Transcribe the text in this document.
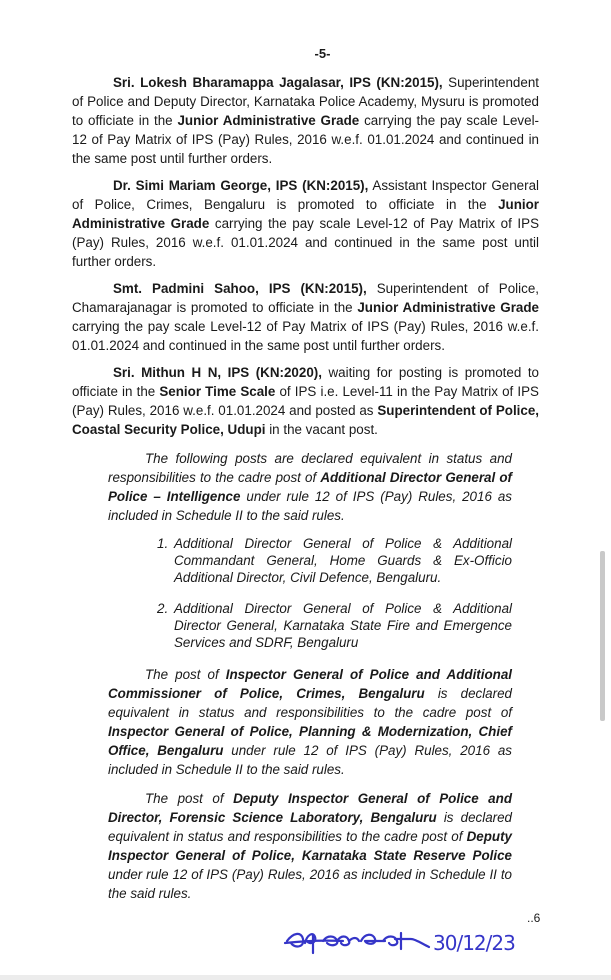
-5-

Sri. Lokesh Bharamappa Jagalasar, IPS (KN:2015), Superintendent of Police and Deputy Director, Karnataka Police Academy, Mysuru is promoted to officiate in the Junior Administrative Grade carrying the pay scale Level-12 of Pay Matrix of IPS (Pay) Rules, 2016 w.e.f. 01.01.2024 and continued in the same post until further orders.

Dr. Simi Mariam George, IPS (KN:2015), Assistant Inspector General of Police, Crimes, Bengaluru is promoted to officiate in the Junior Administrative Grade carrying the pay scale Level-12 of Pay Matrix of IPS (Pay) Rules, 2016 w.e.f. 01.01.2024 and continued in the same post until further orders.

Smt. Padmini Sahoo, IPS (KN:2015), Superintendent of Police, Chamarajanagar is promoted to officiate in the Junior Administrative Grade carrying the pay scale Level-12 of Pay Matrix of IPS (Pay) Rules, 2016 w.e.f. 01.01.2024 and continued in the same post until further orders.

Sri. Mithun H N, IPS (KN:2020), waiting for posting is promoted to officiate in the Senior Time Scale of IPS i.e. Level-11 in the Pay Matrix of IPS (Pay) Rules, 2016 w.e.f. 01.01.2024 and posted as Superintendent of Police, Coastal Security Police, Udupi in the vacant post.

The following posts are declared equivalent in status and responsibilities to the cadre post of Additional Director General of Police – Intelligence under rule 12 of IPS (Pay) Rules, 2016 as included in Schedule II to the said rules.

1. Additional Director General of Police & Additional Commandant General, Home Guards & Ex-Officio Additional Director, Civil Defence, Bengaluru.
2. Additional Director General of Police & Additional Director General, Karnataka State Fire and Emergence Services and SDRF, Bengaluru

The post of Inspector General of Police and Additional Commissioner of Police, Crimes, Bengaluru is declared equivalent in status and responsibilities to the cadre post of Inspector General of Police, Planning & Modernization, Chief Office, Bengaluru under rule 12 of IPS (Pay) Rules, 2016 as included in Schedule II to the said rules.

The post of Deputy Inspector General of Police and Director, Forensic Science Laboratory, Bengaluru is declared equivalent in status and responsibilities to the cadre post of Deputy Inspector General of Police, Karnataka State Reserve Police under rule 12 of IPS (Pay) Rules, 2016 as included in Schedule II to the said rules.

..6
30/12/23
